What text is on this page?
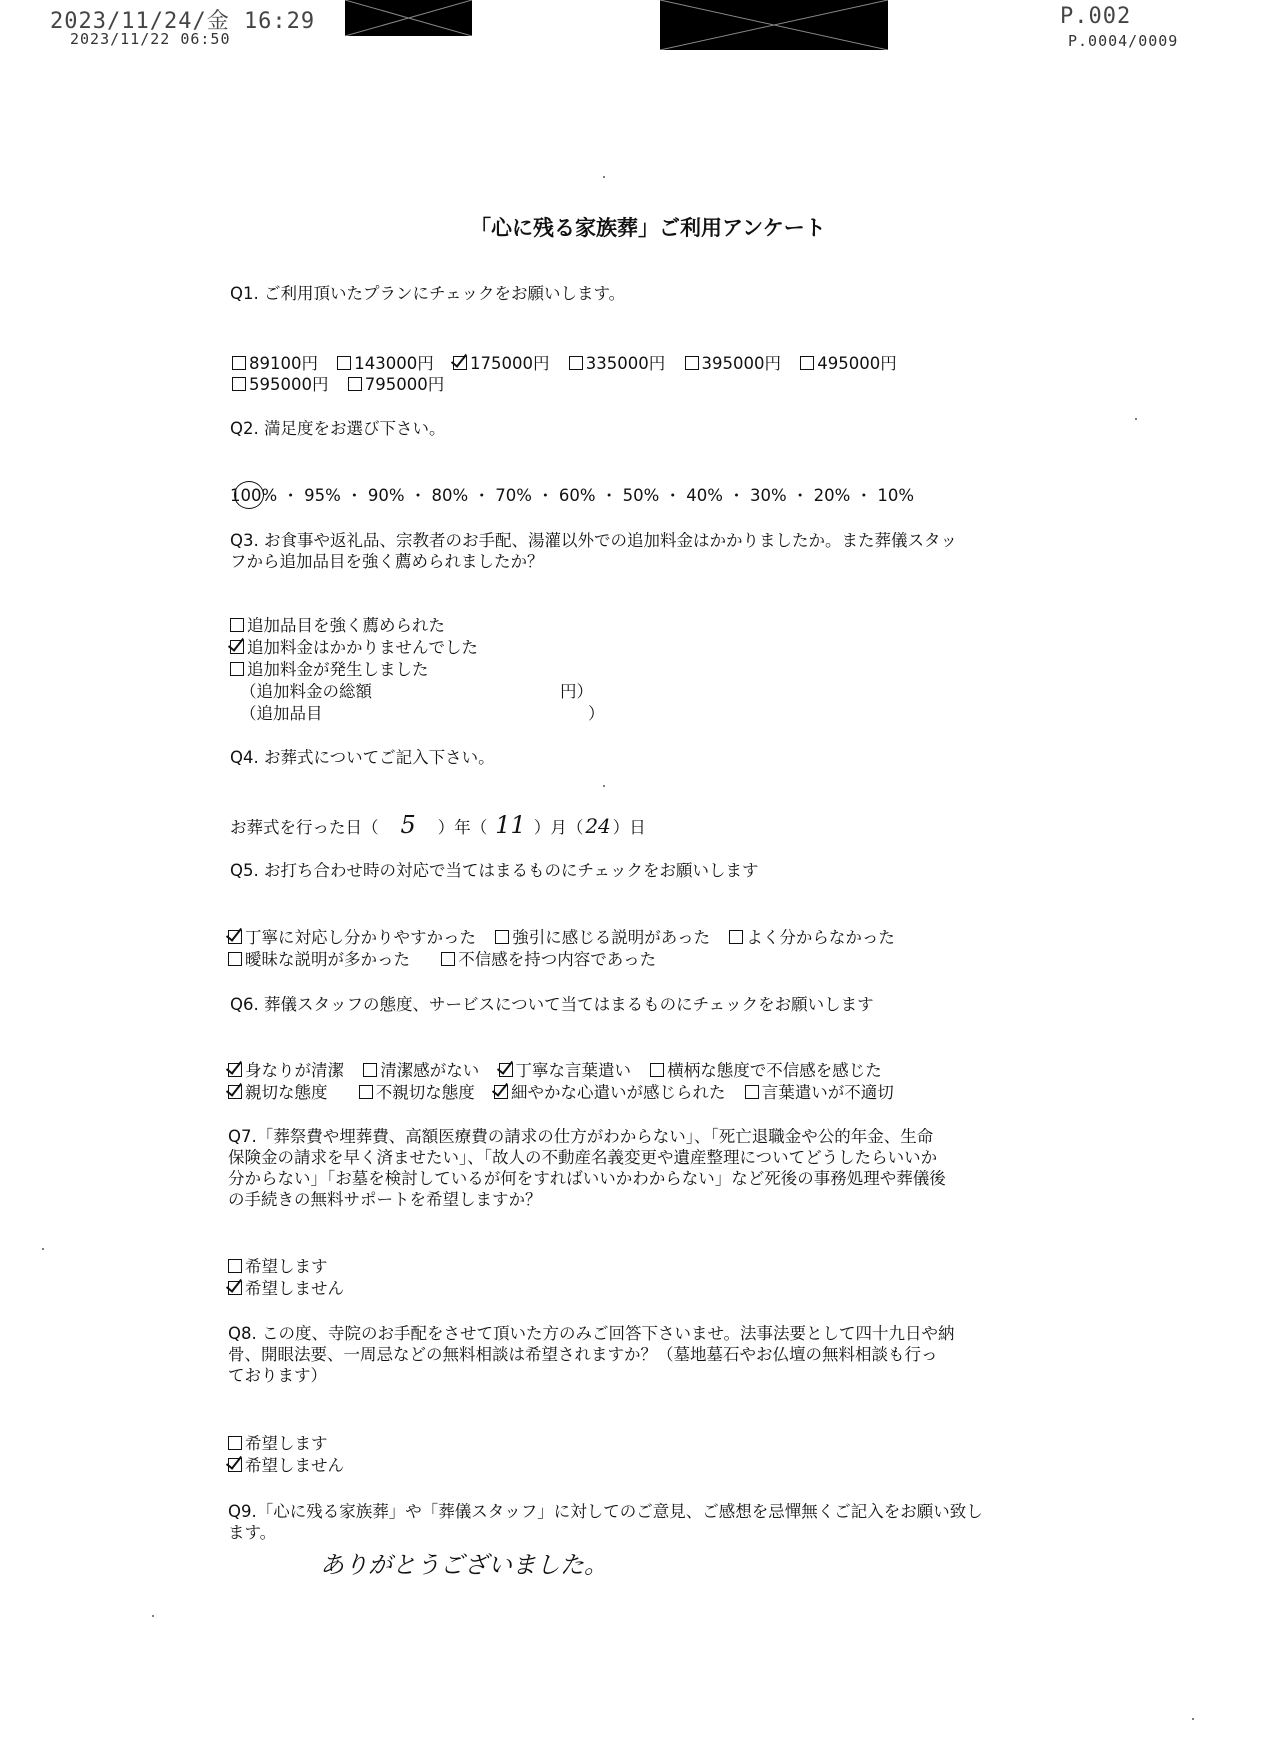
2023/11/24/金 16:29
2023/11/22 06:50
P.002
P.0004/0009
「心に残る家族葬」ご利用アンケート
Q1. ご利用頂いたプランにチェックをお願いします。
89100円 143000円 175000円 335000円 395000円 495000円
595000円 795000円
Q2. 満足度をお選び下さい。
100% ・ 95% ・ 90% ・ 80% ・ 70% ・ 60% ・ 50% ・ 40% ・ 30% ・ 20% ・ 10%
Q3. お食事や返礼品、宗教者のお手配、湯灌以外での追加料金はかかりましたか。また葬儀スタッ
フから追加品目を強く薦められましたか？
追加品目を強く薦められた
追加料金はかかりませんでした
追加料金が発生しました
（追加料金の総額	円）
（追加品目	）
Q4. お葬式についてご記入下さい。
お葬式を行った日（ 5 ）年（ 11 ）月（ 24 ）日
Q5. お打ち合わせ時の対応で当てはまるものにチェックをお願いします
丁寧に対応し分かりやすかった 強引に感じる説明があった よく分からなかった
曖昧な説明が多かった	不信感を持つ内容であった
Q6. 葬儀スタッフの態度、サービスについて当てはまるものにチェックをお願いします
身なりが清潔 清潔感がない 丁寧な言葉遣い 横柄な態度で不信感を感じた
親切な態度	不親切な態度 細やかな心遣いが感じられた 言葉遣いが不適切
Q7.「葬祭費や埋葬費、高額医療費の請求の仕方がわからない」、「死亡退職金や公的年金、生命
保険金の請求を早く済ませたい」、「故人の不動産名義変更や遺産整理についてどうしたらいいか
分からない」「お墓を検討しているが何をすればいいかわからない」など死後の事務処理や葬儀後
の手続きの無料サポートを希望しますか？
希望します
希望しません
Q8. この度、寺院のお手配をさせて頂いた方のみご回答下さいませ。法事法要として四十九日や納
骨、開眼法要、一周忌などの無料相談は希望されますか？（墓地墓石やお仏壇の無料相談も行っ
ております）
希望します
希望しません
Q9.「心に残る家族葬」や「葬儀スタッフ」に対してのご意見、ご感想を忌憚無くご記入をお願い致し
ます。
ありがとうございました。
